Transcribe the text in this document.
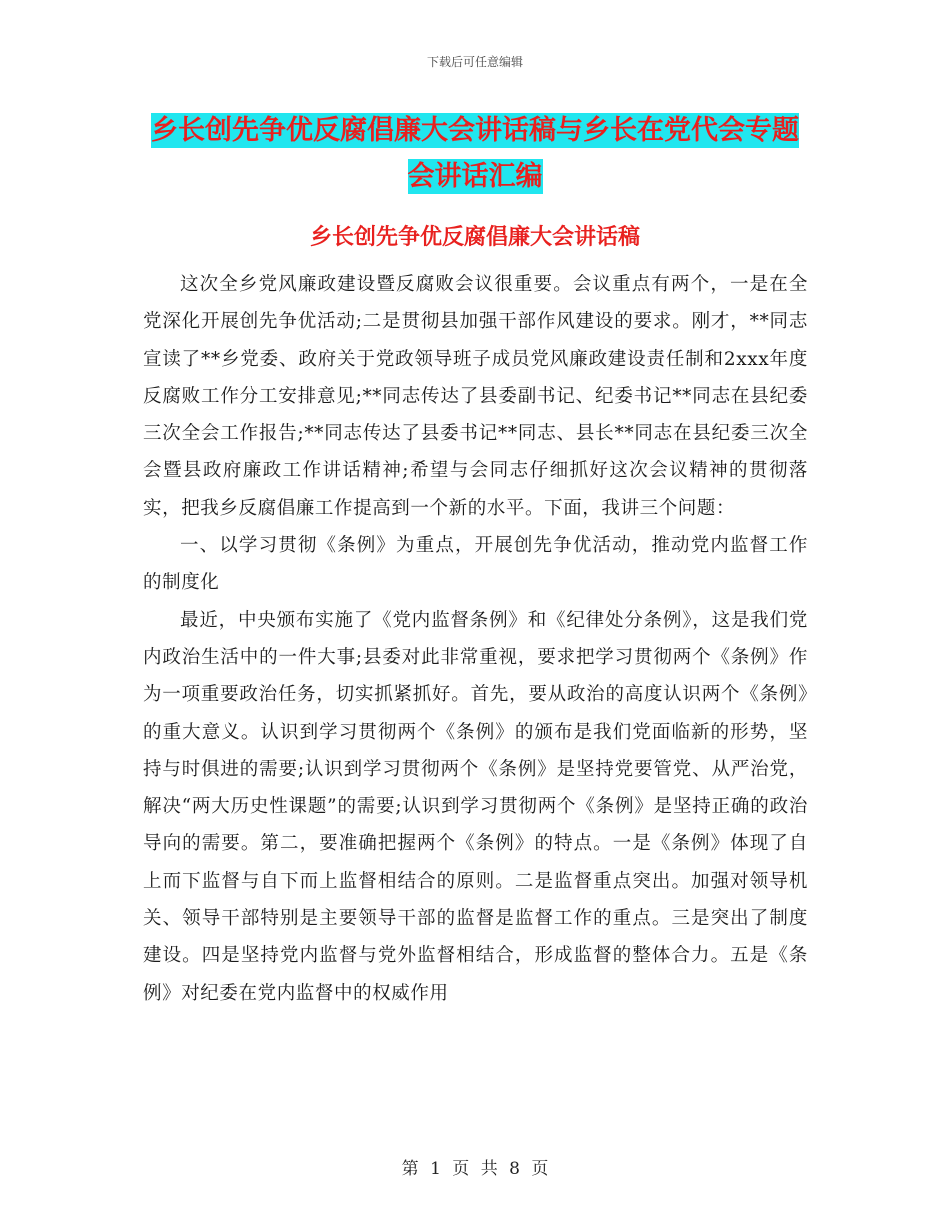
下载后可任意编辑
乡长创先争优反腐倡廉大会讲话稿与乡长在党代会专题会讲话汇编
乡长创先争优反腐倡廉大会讲话稿

这次全乡党风廉政建设暨反腐败会议很重要。会议重点有两个，一是在全党深化开展创先争优活动;二是贯彻县加强干部作风建设的要求。刚才，**同志宣读了**乡党委、政府关于党政领导班子成员党风廉政建设责任制和2xxx年度反腐败工作分工安排意见;**同志传达了县委副书记、纪委书记**同志在县纪委三次全会工作报告;**同志传达了县委书记**同志、县长**同志在县纪委三次全会暨县政府廉政工作讲话精神;希望与会同志仔细抓好这次会议精神的贯彻落实，把我乡反腐倡廉工作提高到一个新的水平。下面，我讲三个问题：

一、以学习贯彻《条例》为重点，开展创先争优活动，推动党内监督工作的制度化

最近，中央颁布实施了《党内监督条例》和《纪律处分条例》，这是我们党内政治生活中的一件大事;县委对此非常重视，要求把学习贯彻两个《条例》作为一项重要政治任务，切实抓紧抓好。首先，要从政治的高度认识两个《条例》的重大意义。认识到学习贯彻两个《条例》的颁布是我们党面临新的形势，坚持与时俱进的需要;认识到学习贯彻两个《条例》是坚持党要管党、从严治党，解决“两大历史性课题”的需要;认识到学习贯彻两个《条例》是坚持正确的政治导向的需要。第二，要准确把握两个《条例》的特点。一是《条例》体现了自上而下监督与自下而上监督相结合的原则。二是监督重点突出。加强对领导机关、领导干部特别是主要领导干部的监督是监督工作的重点。三是突出了制度建设。四是坚持党内监督与党外监督相结合，形成监督的整体合力。五是《条例》对纪委在党内监督中的权威作用

第 1 页 共 8 页
